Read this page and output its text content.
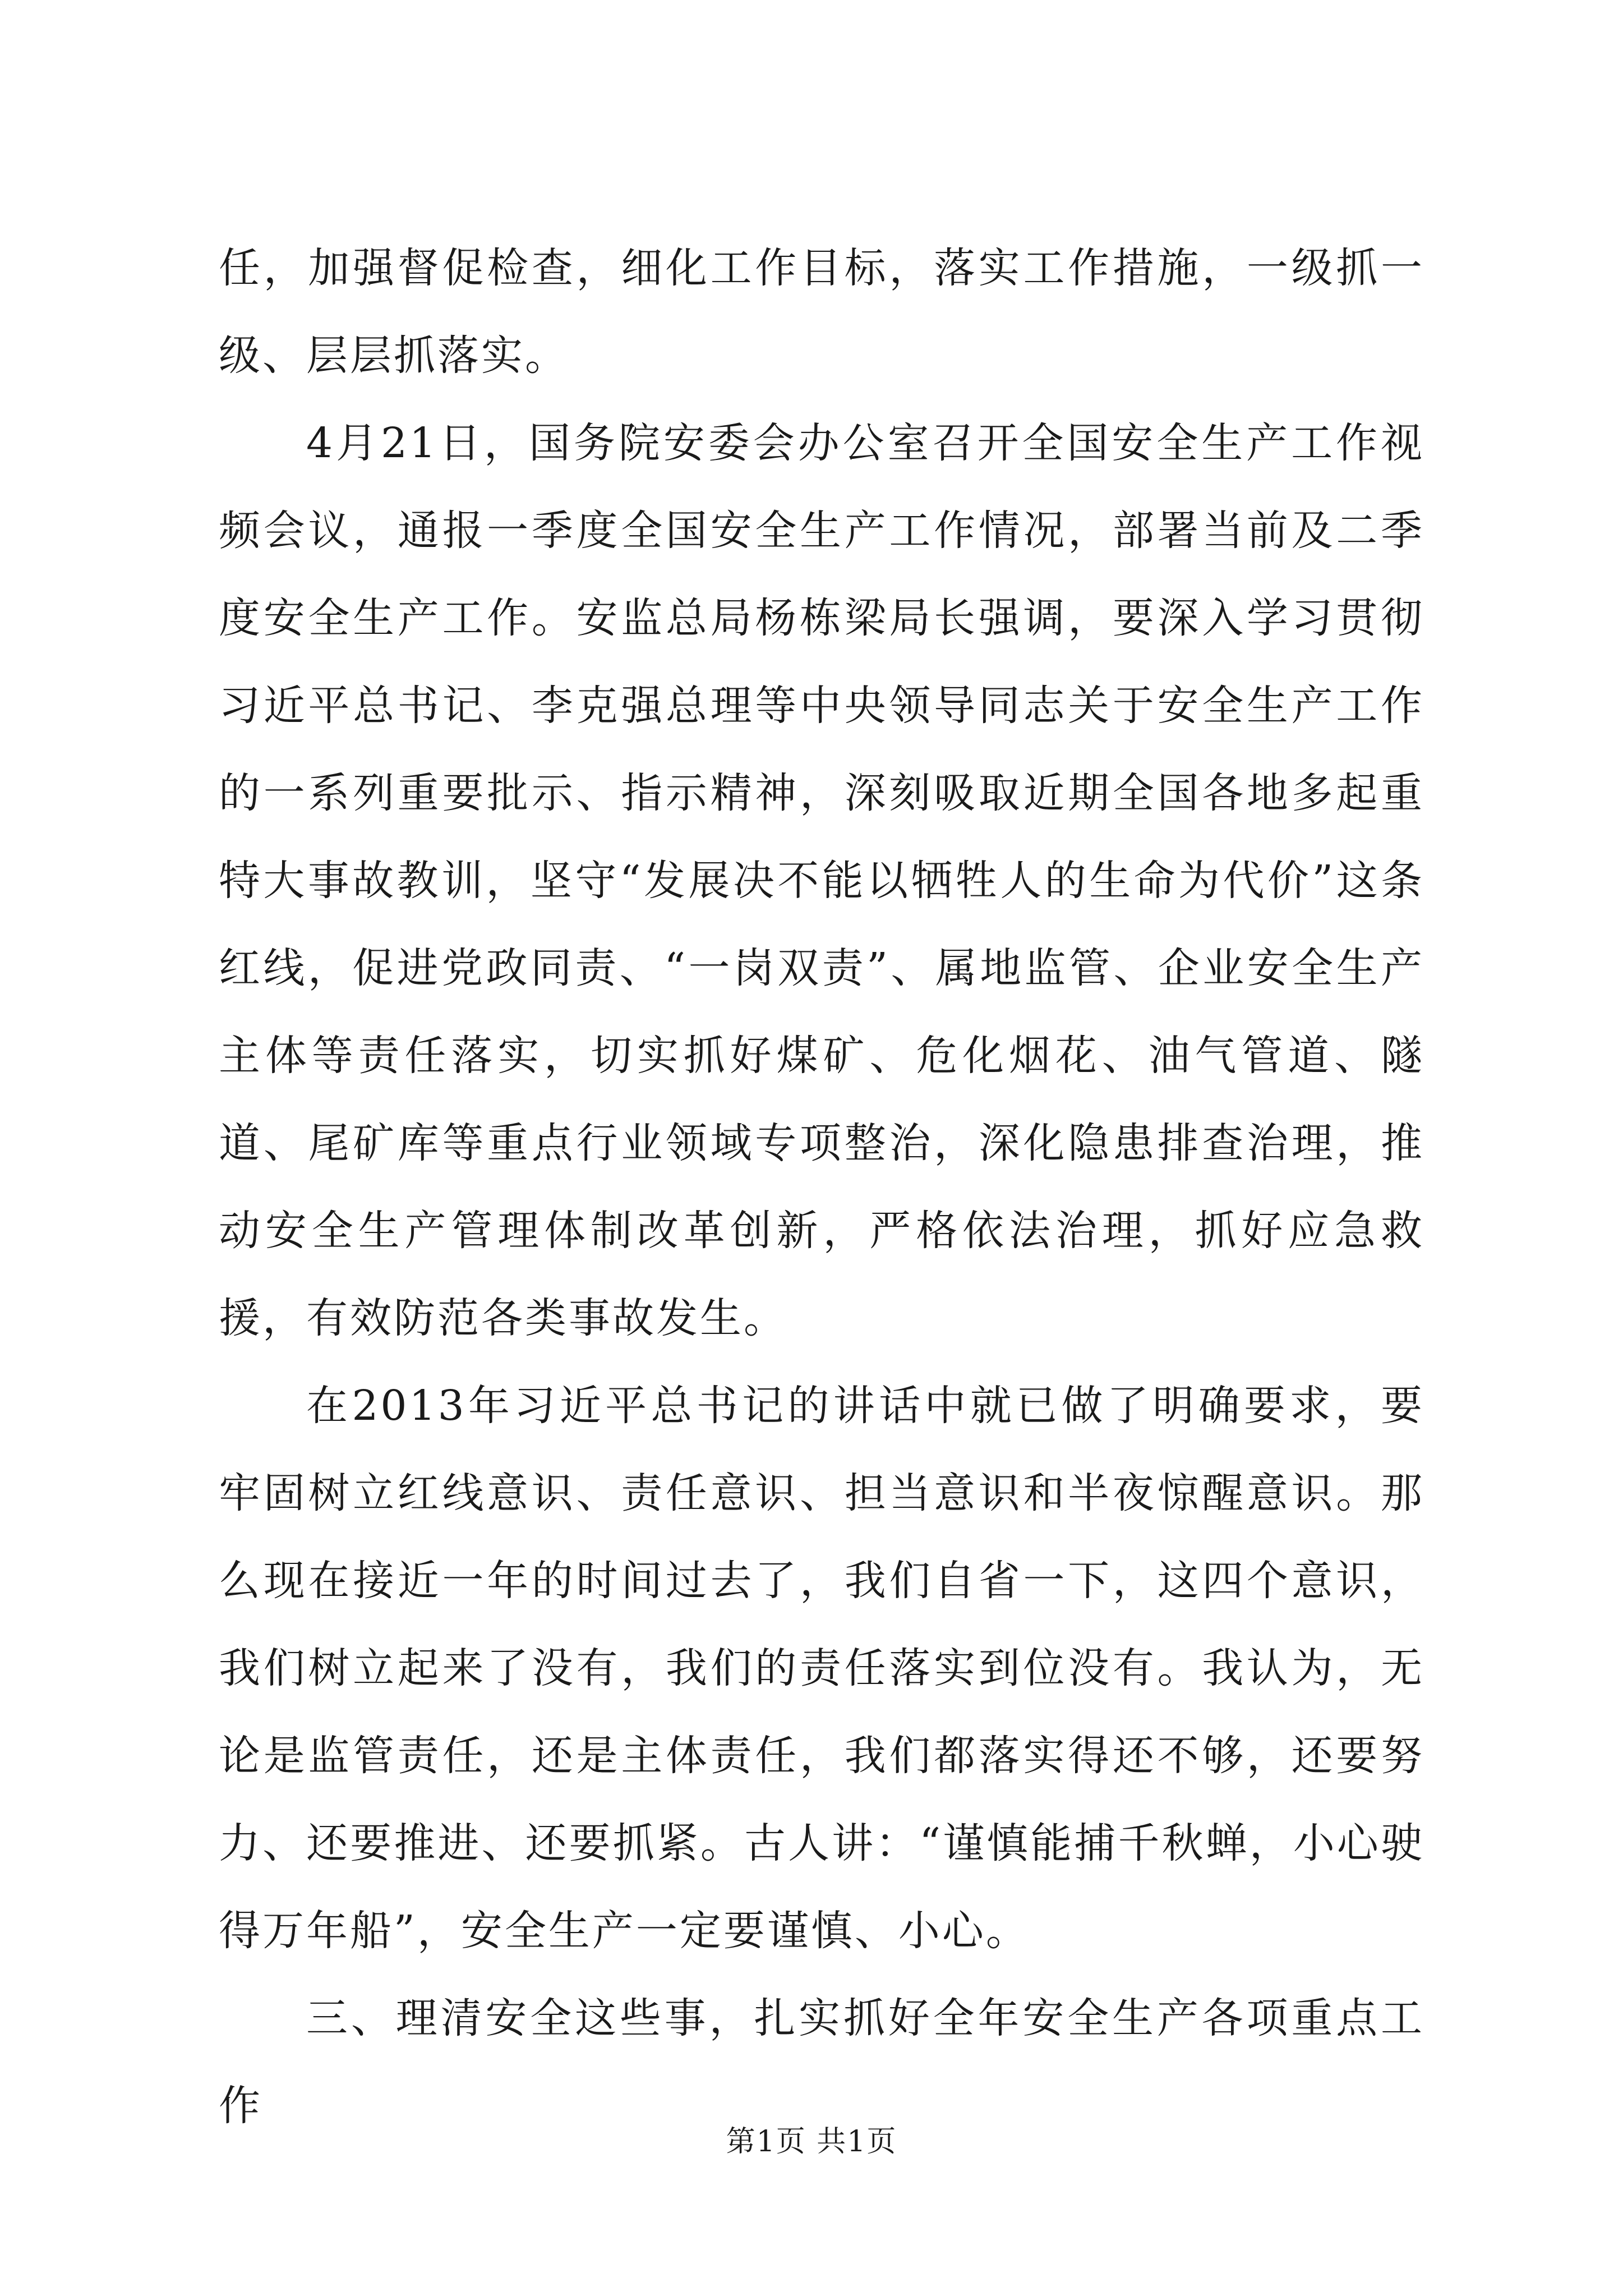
任，加强督促检查，细化工作目标，落实工作措施，一级抓一级、层层抓落实。

4月21日，国务院安委会办公室召开全国安全生产工作视频会议，通报一季度全国安全生产工作情况，部署当前及二季度安全生产工作。安监总局杨栋梁局长强调，要深入学习贯彻习近平总书记、李克强总理等中央领导同志关于安全生产工作的一系列重要批示、指示精神，深刻吸取近期全国各地多起重特大事故教训，坚守“发展决不能以牺牲人的生命为代价”这条红线，促进党政同责、“一岗双责”、属地监管、企业安全生产主体等责任落实，切实抓好煤矿、危化烟花、油气管道、隧道、尾矿库等重点行业领域专项整治，深化隐患排查治理，推动安全生产管理体制改革创新，严格依法治理，抓好应急救援，有效防范各类事故发生。

在2013年习近平总书记的讲话中就已做了明确要求，要牢固树立红线意识、责任意识、担当意识和半夜惊醒意识。那么现在接近一年的时间过去了，我们自省一下，这四个意识，我们树立起来了没有，我们的责任落实到位没有。我认为，无论是监管责任，还是主体责任，我们都落实得还不够，还要努力、还要推进、还要抓紧。古人讲：“谨慎能捕千秋蝉，小心驶得万年船”，安全生产一定要谨慎、小心。

三、理清安全这些事，扎实抓好全年安全生产各项重点工作

第1页 共1页
